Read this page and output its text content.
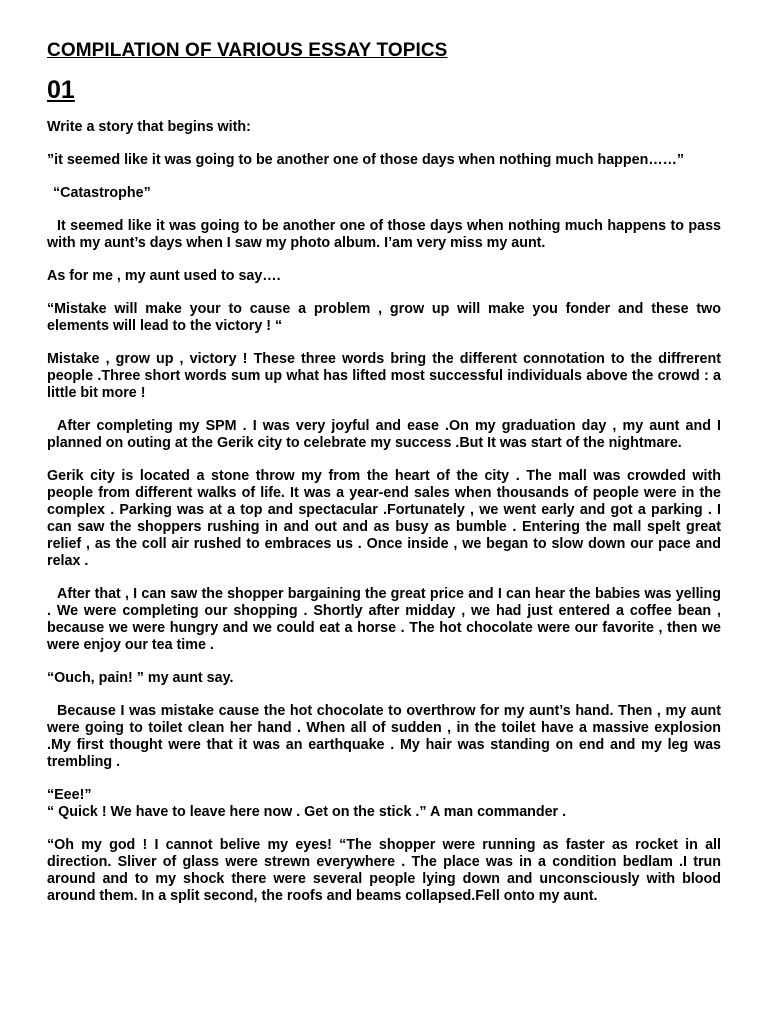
COMPILATION OF VARIOUS ESSAY TOPICS
01

Write a story that begins with:

”it seemed like it was going to be another one of those days when nothing much happen……”

“Catastrophe”

It seemed like it was going to be another one of those days when nothing much happens to pass with my aunt’s days when I saw my photo album. I’am very miss my aunt.

As for me , my aunt used to say….

“Mistake will make your to cause a problem , grow up will make you fonder and these two elements will lead to the victory ! “

Mistake , grow up , victory ! These three words bring the different connotation to the diffrerent people .Three short words sum up what has lifted most successful individuals above the crowd : a little bit more !

After completing my SPM . I was very joyful and ease .On my graduation day , my aunt and I planned on outing at the Gerik city to celebrate my success .But It was start of the nightmare.

Gerik city is located a stone throw my from the heart of the city . The mall was crowded with people from different walks of life. It was a year-end sales when thousands of people were in the complex . Parking was at a top and spectacular .Fortunately , we went early and got a parking . I can saw the shoppers rushing in and out and as busy as bumble . Entering the mall spelt great relief , as the coll air rushed to embraces us . Once inside , we began to slow down our pace and relax .

After that , I can saw the shopper bargaining the great price and I can hear the babies was yelling . We were completing our shopping . Shortly after midday , we had just entered a coffee bean , because we were hungry and we could eat a horse . The hot chocolate were our favorite , then we were enjoy our tea time .

“Ouch, pain! ” my aunt say.

Because I was mistake cause the hot chocolate to overthrow for my aunt’s hand. Then , my aunt were going to toilet clean her hand . When all of sudden , in the toilet have a massive explosion .My first thought were that it was an earthquake . My hair was standing on end and my leg was trembling .

“Eee!”

“ Quick ! We have to leave here now . Get on the stick .” A man commander .

“Oh my god ! I cannot belive my eyes! “The shopper were running as faster as rocket in all direction. Sliver of glass were strewn everywhere . The place was in a condition bedlam .I trun around and to my shock there were several people lying down and unconsciously with blood around them. In a split second, the roofs and beams collapsed.Fell onto my aunt.
